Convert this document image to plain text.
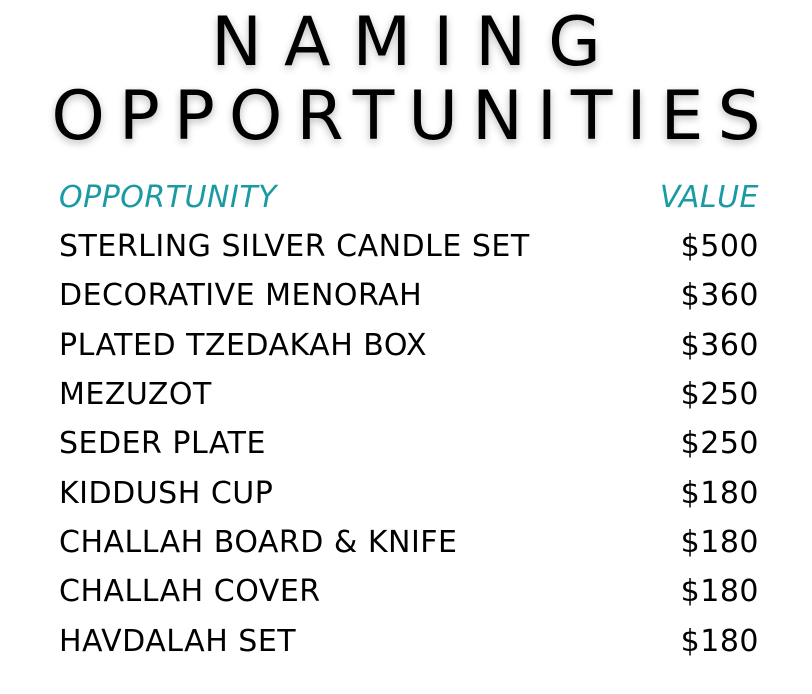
NAMING
OPPORTUNITIES
OPPORTUNITY	VALUE
STERLING SILVER CANDLE SET	$500
DECORATIVE MENORAH	$360
PLATED TZEDAKAH BOX	$360
MEZUZOT	$250
SEDER PLATE	$250
KIDDUSH CUP	$180
CHALLAH BOARD & KNIFE	$180
CHALLAH COVER	$180
HAVDALAH SET	$180
